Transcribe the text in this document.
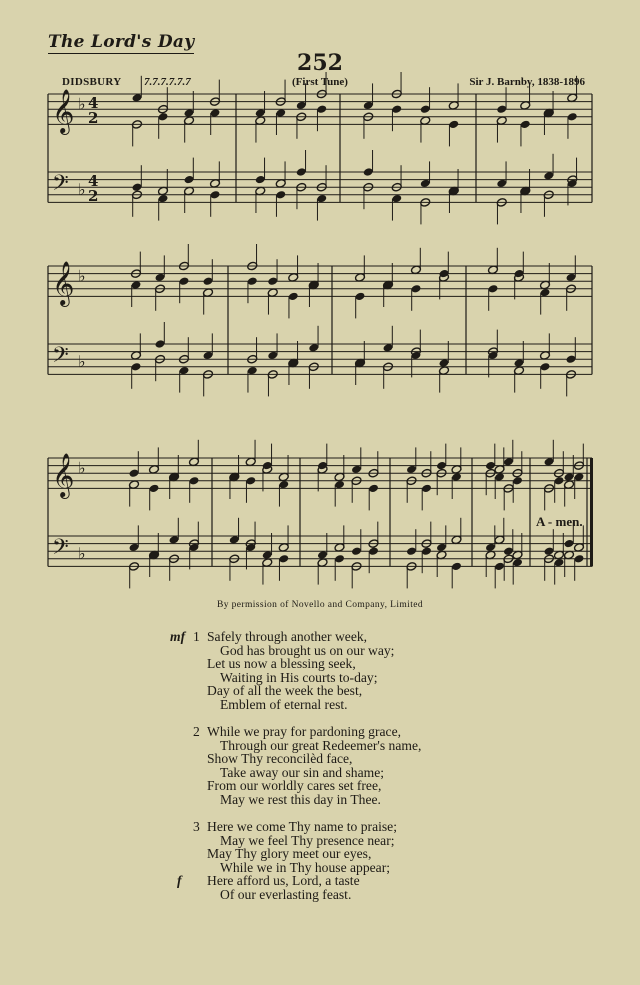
The Lord's Day
252
DIDSBURY 7.7.7.7.7.7	(First Tune)	Sir J. Barnby, 1838-1896
𝄞 ♭ 4
2
𝄢 ♭ 4
2
𝄞 ♭
𝄢 ♭
𝄞 ♭
𝄢 ♭
A - men.
By permission of Novello and Company, Limited
mf 1 Safely through another week,
God has brought us on our way;
Let us now a blessing seek,
Waiting in His courts to-day;
Day of all the week the best,
Emblem of eternal rest.
2 While we pray for pardoning grace,
Through our great Redeemer's name,
Show Thy reconcilèd face,
Take away our sin and shame;
From our worldly cares set free,
May we rest this day in Thee.
3 Here we come Thy name to praise;
May we feel Thy presence near;
May Thy glory meet our eyes,
While we in Thy house appear;
f Here afford us, Lord, a taste
Of our everlasting feast.
